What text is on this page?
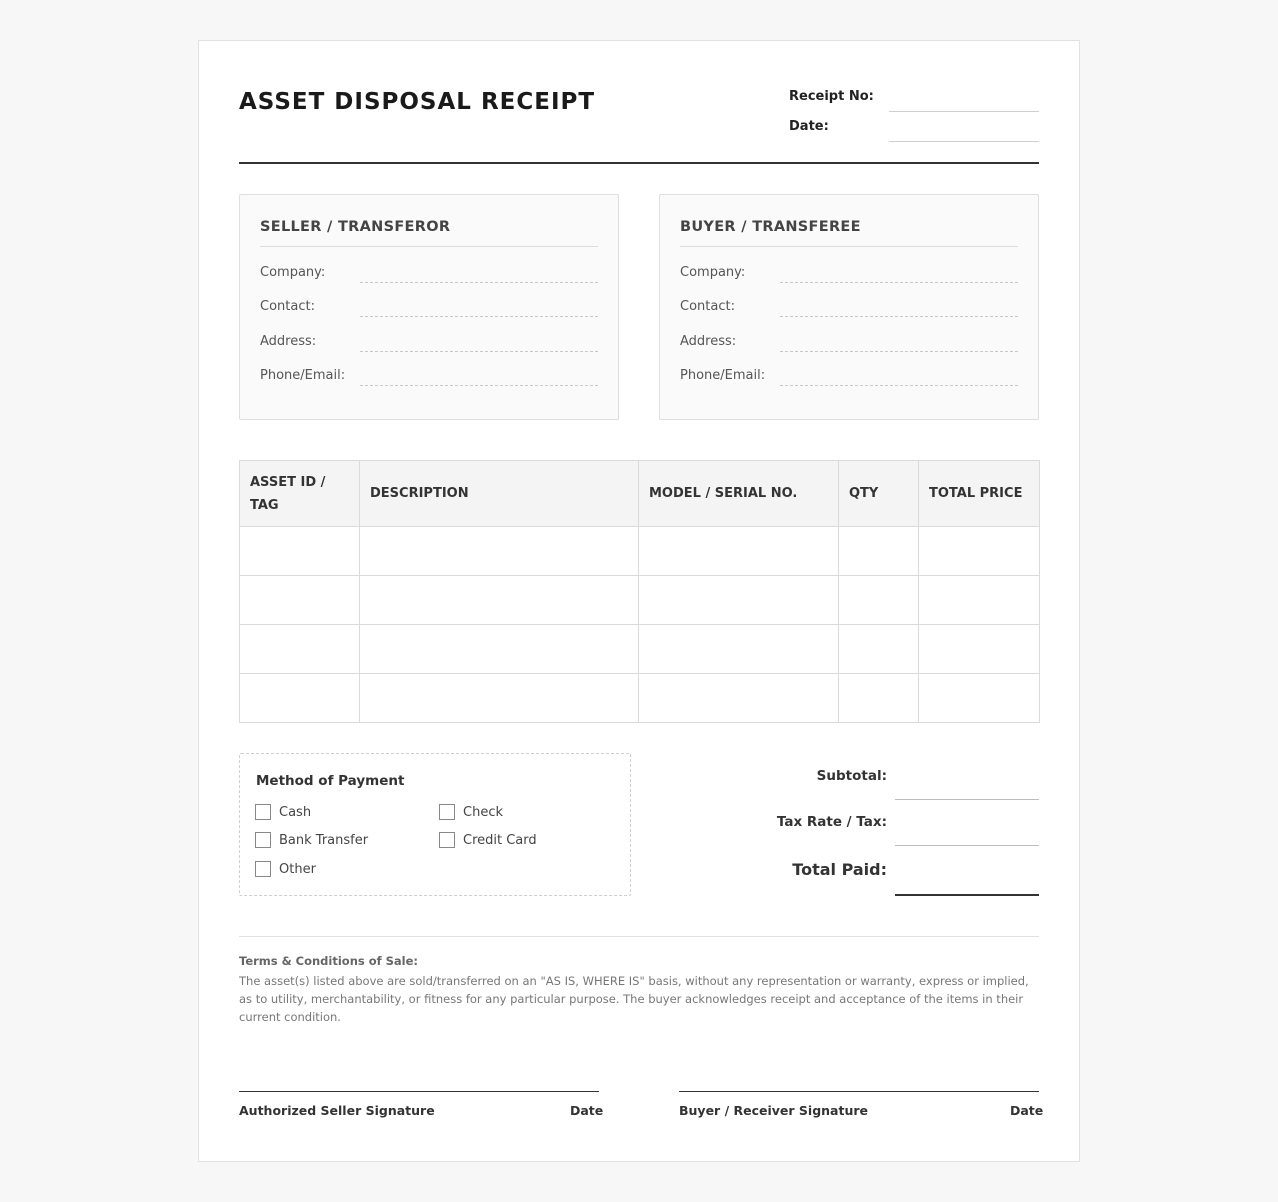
ASSET DISPOSAL RECEIPT	Receipt No:
Date:
SELLER / TRANSFEROR
Company:
Contact:
Address:
Phone/Email:
BUYER / TRANSFEREE
Company:
Contact:
Address:
Phone/Email:
ASSET ID / TAG	DESCRIPTION	MODEL / SERIAL NO.	QTY	TOTAL PRICE

Method of Payment
Cash	Check
Bank Transfer	Credit Card
Other
Subtotal:
Tax Rate / Tax:
Total Paid:
Terms & Conditions of Sale:
The asset(s) listed above are sold/transferred on an "AS IS, WHERE IS" basis, without any representation or warranty, express or implied, as to utility, merchantability, or fitness for any particular purpose. The buyer acknowledges receipt and acceptance of the items in their current condition.
Authorized Seller Signature	Date	Buyer / Receiver Signature	Date
